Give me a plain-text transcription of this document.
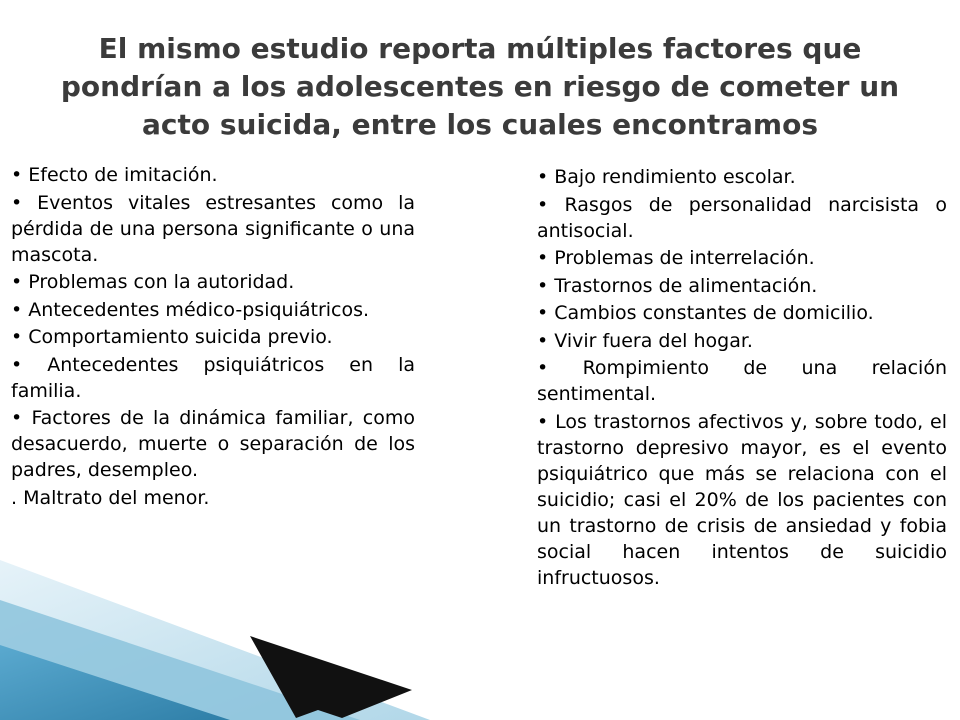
El mismo estudio reporta múltiples factores que pondrían a los adolescentes en riesgo de cometer un acto suicida, entre los cuales encontramos
• Efecto de imitación.
• Eventos vitales estresantes como la pérdida de una persona significante o una mascota.
• Problemas con la autoridad.
• Antecedentes médico-psiquiátricos.
• Comportamiento suicida previo.
• Antecedentes psiquiátricos en la familia.
• Factores de la dinámica familiar, como desacuerdo, muerte o separación de los padres, desempleo.
. Maltrato del menor.
• Bajo rendimiento escolar.
• Rasgos de personalidad narcisista o antisocial.
• Problemas de interrelación.
• Trastornos de alimentación.
• Cambios constantes de domicilio.
• Vivir fuera del hogar.
• Rompimiento de una relación sentimental.
• Los trastornos afectivos y, sobre todo, el trastorno depresivo mayor, es el evento psiquiátrico que más se relaciona con el suicidio; casi el 20% de los pacientes con un trastorno de crisis de ansiedad y fobia social hacen intentos de suicidio infructuosos.
